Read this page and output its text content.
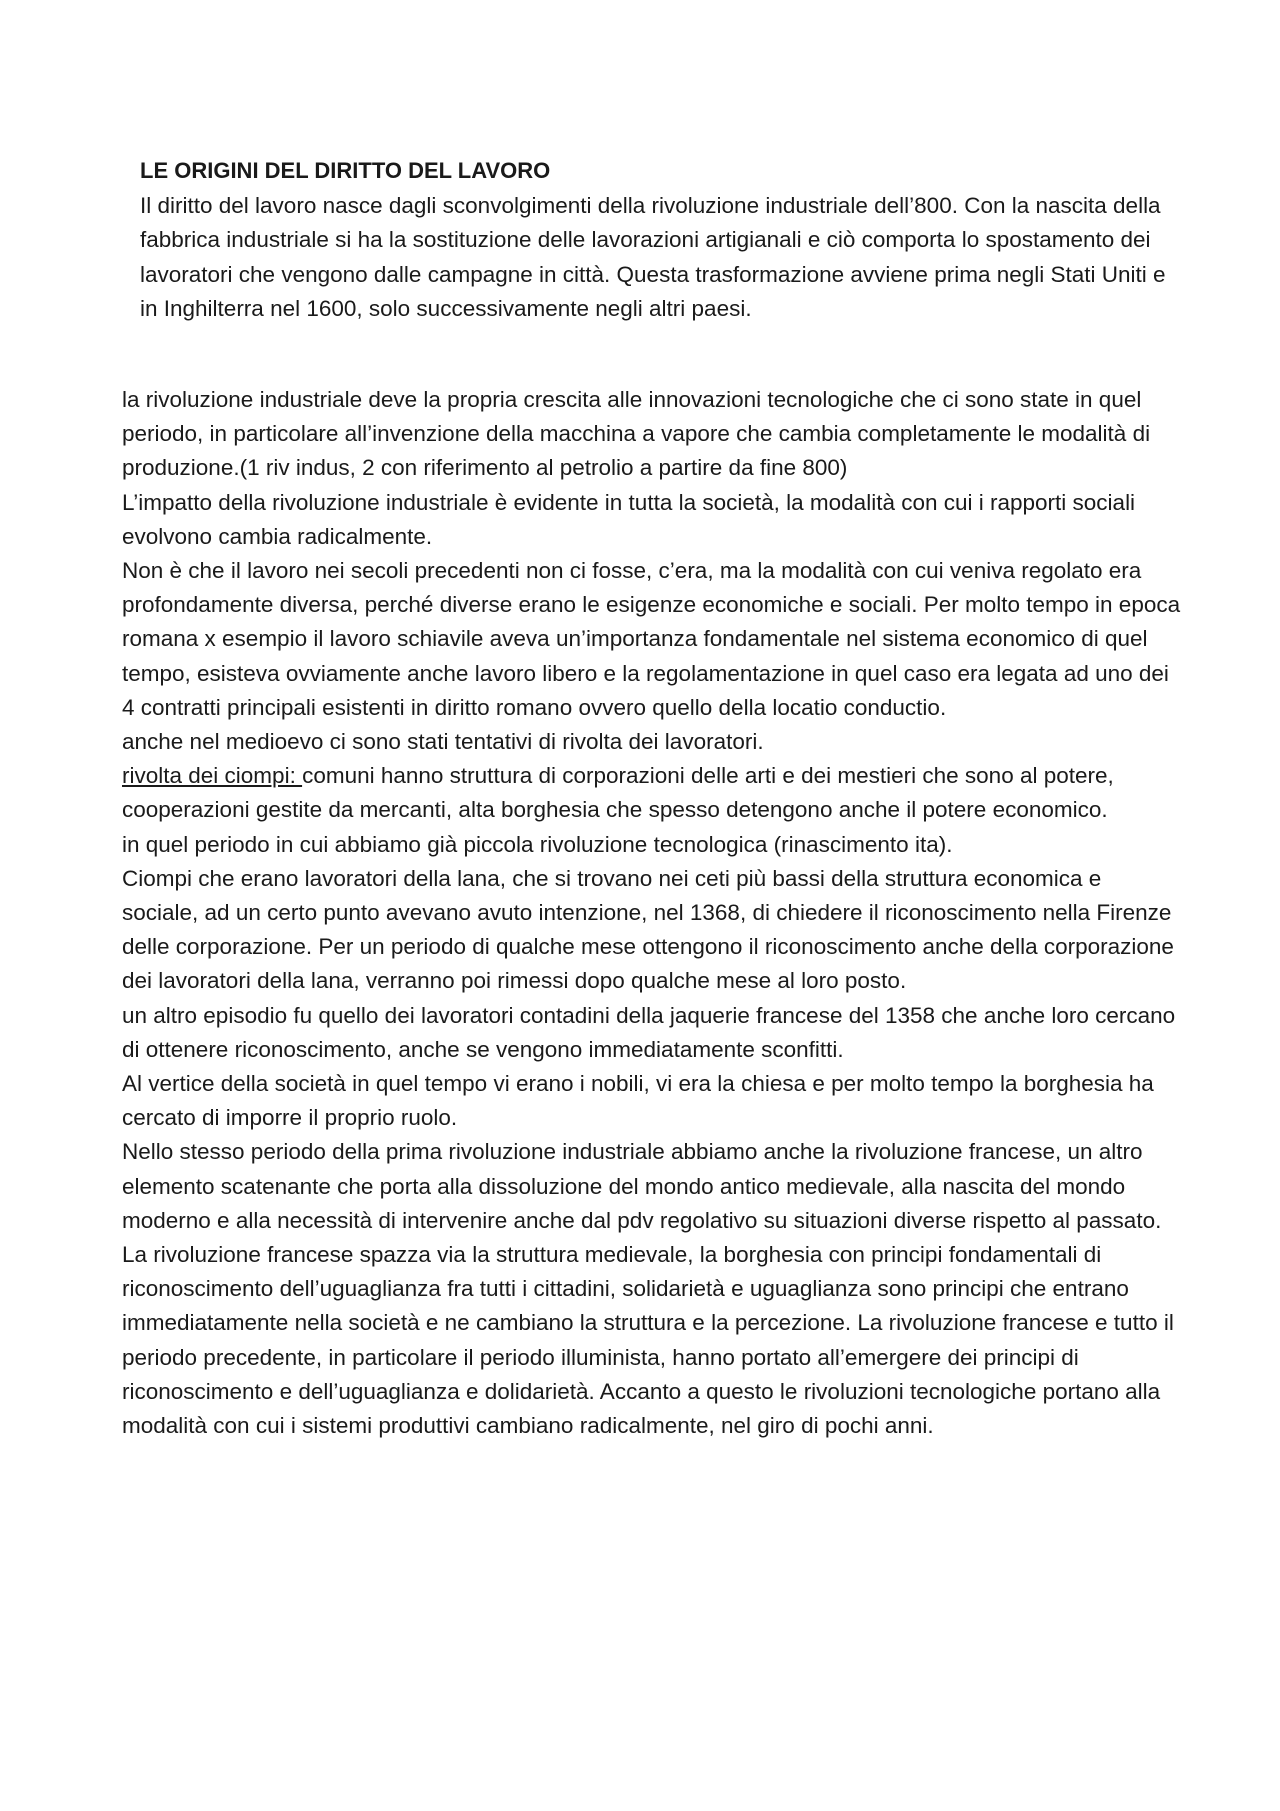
LE ORIGINI DEL DIRITTO DEL LAVORO

Il diritto del lavoro nasce dagli sconvolgimenti della rivoluzione industriale dell’800. Con la nascita della fabbrica industriale si ha la sostituzione delle lavorazioni artigianali e ciò comporta lo spostamento dei lavoratori che vengono dalle campagne in città. Questa trasformazione avviene prima negli Stati Uniti e in Inghilterra nel 1600, solo successivamente negli altri paesi.

la rivoluzione industriale deve la propria crescita alle innovazioni tecnologiche che ci sono state in quel periodo, in particolare all’invenzione della macchina a vapore che cambia completamente le modalità di produzione.(1 riv indus, 2 con riferimento al petrolio a partire da fine 800)

L’impatto della rivoluzione industriale è evidente in tutta la società, la modalità con cui i rapporti sociali evolvono cambia radicalmente.

Non è che il lavoro nei secoli precedenti non ci fosse, c’era, ma la modalità con cui veniva regolato era profondamente diversa, perché diverse erano le esigenze economiche e sociali. Per molto tempo in epoca romana x esempio il lavoro schiavile aveva un’importanza fondamentale nel sistema economico di quel tempo, esisteva ovviamente anche lavoro libero e la regolamentazione in quel caso era legata ad uno dei 4 contratti principali esistenti in diritto romano ovvero quello della locatio conductio.

anche nel medioevo ci sono stati tentativi di rivolta dei lavoratori.

rivolta dei ciompi: comuni hanno struttura di corporazioni delle arti e dei mestieri che sono al potere, cooperazioni gestite da mercanti, alta borghesia che spesso detengono anche il potere economico.

in quel periodo in cui abbiamo già piccola rivoluzione tecnologica (rinascimento ita).

Ciompi che erano lavoratori della lana, che si trovano nei ceti più bassi della struttura economica e sociale, ad un certo punto avevano avuto intenzione, nel 1368, di chiedere il riconoscimento nella Firenze delle corporazione. Per un periodo di qualche mese ottengono il riconoscimento anche della corporazione dei lavoratori della lana, verranno poi rimessi dopo qualche mese al loro posto.

un altro episodio fu quello dei lavoratori contadini della jaquerie francese del 1358 che anche loro cercano di ottenere riconoscimento, anche se vengono immediatamente sconfitti.

Al vertice della società in quel tempo vi erano i nobili, vi era la chiesa e per molto tempo la borghesia ha cercato di imporre il proprio ruolo.

Nello stesso periodo della prima rivoluzione industriale abbiamo anche la rivoluzione francese, un altro elemento scatenante che porta alla dissoluzione del mondo antico medievale, alla nascita del mondo moderno e alla necessità di intervenire anche dal pdv regolativo su situazioni diverse rispetto al passato.

La rivoluzione francese spazza via la struttura medievale, la borghesia con principi fondamentali di riconoscimento dell’uguaglianza fra tutti i cittadini, solidarietà e uguaglianza sono principi che entrano immediatamente nella società e ne cambiano la struttura e la percezione. La rivoluzione francese e tutto il periodo precedente, in particolare il periodo illuminista, hanno portato all’emergere dei principi di riconoscimento e dell’uguaglianza e dolidarietà. Accanto a questo le rivoluzioni tecnologiche portano alla modalità con cui i sistemi produttivi cambiano radicalmente, nel giro di pochi anni.
